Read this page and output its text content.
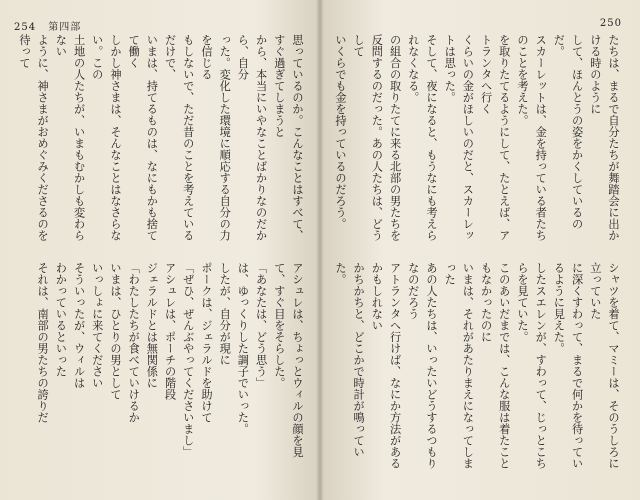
254 第四部

思っているのか。こんなことはすべて、すぐ過ぎてしまうと

から、本当にいやなことばかりなのだから、自分

った。変化した環境に順応する自分の力を信じる

もしないで、ただ昔のことを考えているだけで、

いまは、持てるものは、なにもかも捨てて働く

しかし神さまは、そんなことはなさらない。この

土地の人たちが、いまもむかしも変わらない

ように、神さまがおめぐみくださるのを待って

アシュレは、ちょっとウィルの顔を見て、すぐ目をそらした。

「あなたは、どう思う」

は、ゆっくりした調子でいった。

したが、自分が現に

ポークは、ジェラルドを助けて

「ぜひ、ぜんぶやってくださいまし」

アシュレは、ポーチの階段

ジェラルドとは無関係に

「わたしたちが食べていけるか

いまは、ひとりの男として

いっしょに来てください

そういったが、ウィルは

わかっているといった

それは、南部の男たちの誇りだ

250

たちは、まるで自分たちが舞踏会に出かける時のように

して、ほんとうの姿をかくしているのだ。

スカーレットは、金を持っている者たちのことを考えた。

を取りたてるようにして、たとえば、アトランタへ行く

くらいの金がほしいのだと、スカーレットは思った。

そして、夜になると、もうなにも考えられなくなる。

の組合の取りたてに来る北部の男たちを

反問するのだった。あの人たちは、どうして

いくらでも金を持っているのだろう。

シャツを着て、マミーは、そのうしろに立っていた

に深くすわって、まるで何かを待っているように見えた。

したスエレンが、すわって、じっとこちらを見ていた。

このあいだまでは、こんな服は着たこともなかったのに

いまは、それがあたりまえになってしまった

あの人たちは、いったいどうするつもりなのだろう

アトランタへ行けば、なにか方法があるかもしれない

かちかちと、どこかで時計が鳴っていた。
